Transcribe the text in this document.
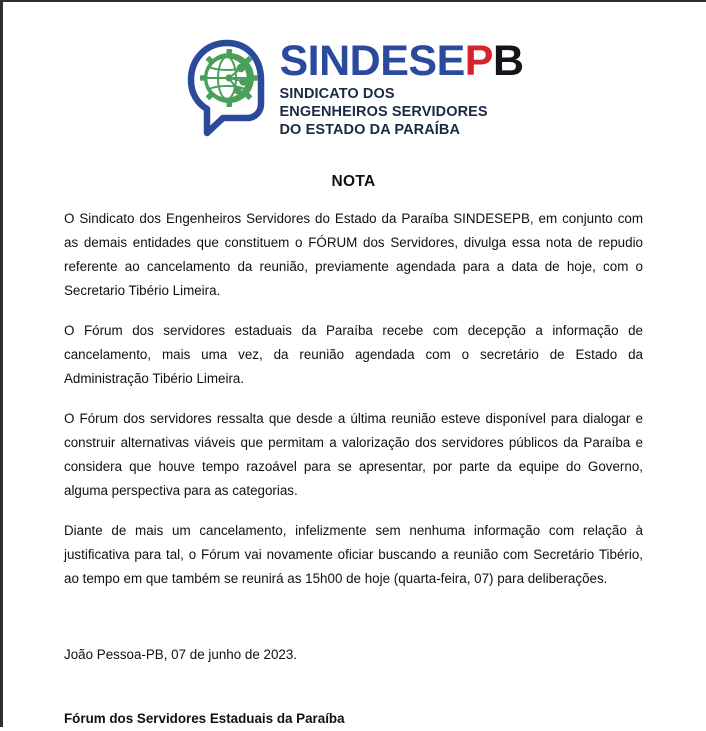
SINDESEPB
SINDICATO DOS
ENGENHEIROS SERVIDORES
DO ESTADO DA PARAÍBA
NOTA

O Sindicato dos Engenheiros Servidores do Estado da Paraíba SINDESEPB, em conjunto com as demais entidades que constituem o FÓRUM dos Servidores, divulga essa nota de repudio referente ao cancelamento da reunião, previamente agendada para a data de hoje, com o Secretario Tibério Limeira.

O Fórum dos servidores estaduais da Paraíba recebe com decepção a informação de cancelamento, mais uma vez, da reunião agendada com o secretário de Estado da Administração Tibério Limeira.

O Fórum dos servidores ressalta que desde a última reunião esteve disponível para dialogar e construir alternativas viáveis que permitam a valorização dos servidores públicos da Paraíba e considera que houve tempo razoável para se apresentar, por parte da equipe do Governo, alguma perspectiva para as categorias.

Diante de mais um cancelamento, infelizmente sem nenhuma informação com relação à justificativa para tal, o Fórum vai novamente oficiar buscando a reunião com Secretário Tibério, ao tempo em que também se reunirá as 15h00 de hoje (quarta-feira, 07) para deliberações.

João Pessoa-PB, 07 de junho de 2023.

Fórum dos Servidores Estaduais da Paraíba
